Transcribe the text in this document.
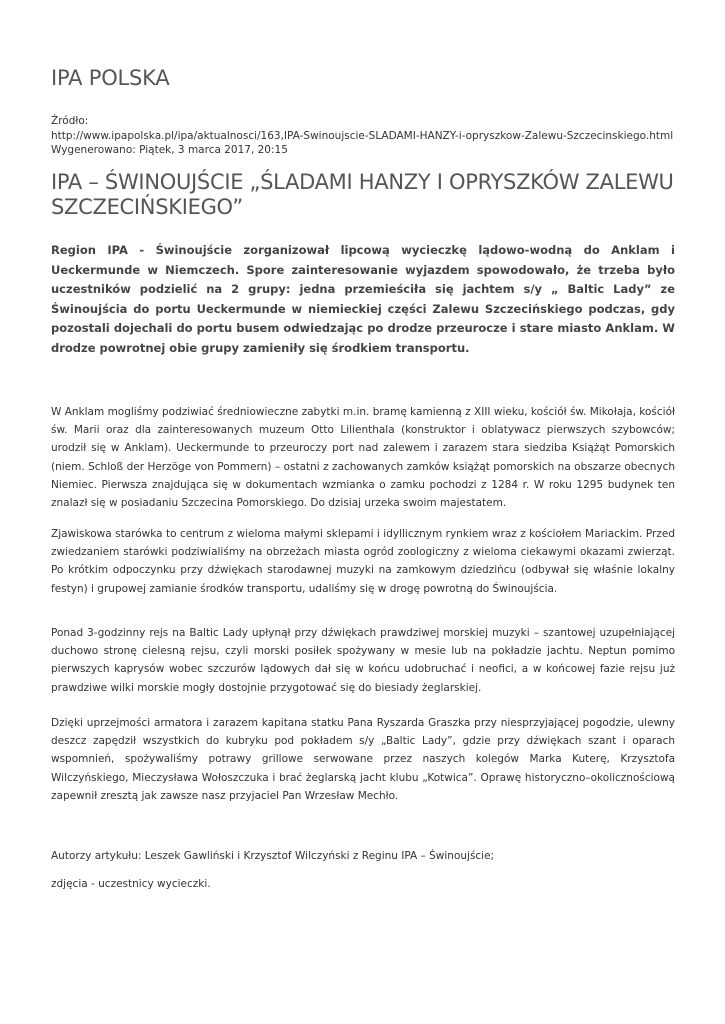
IPA POLSKA
Źródło:
http://www.ipapolska.pl/ipa/aktualnosci/163,IPA-Swinoujscie-SLADAMI-HANZY-i-opryszkow-Zalewu-Szczecinskiego.html
Wygenerowano: Piątek, 3 marca 2017, 20:15
IPA – ŚWINOUJŚCIE „ŚLADAMI HANZY I OPRYSZKÓW ZALEWU SZCZECIŃSKIEGO”
Region IPA - Świnoujście zorganizował lipcową wycieczkę lądowo-wodną do Anklam i Ueckermunde w Niemczech. Spore zainteresowanie wyjazdem spowodowało, że trzeba było uczestników podzielić na 2 grupy: jedna przemieściła się jachtem s/y „ Baltic Lady” ze Świnoujścia do portu Ueckermunde w niemieckiej części Zalewu Szczecińskiego podczas, gdy pozostali dojechali do portu busem odwiedzając po drodze przeurocze i stare miasto Anklam. W drodze powrotnej obie grupy zamieniły się środkiem transportu.
W Anklam mogliśmy podziwiać średniowieczne zabytki m.in. bramę kamienną z XIII wieku, kościół św. Mikołaja, kościół św. Marii oraz dla zainteresowanych muzeum Otto Lilienthala (konstruktor i oblatywacz pierwszych szybowców; urodził się w Anklam). Ueckermunde to przeuroczy port nad zalewem i zarazem stara siedziba Książąt Pomorskich (niem. Schloß der Herzöge von Pommern) – ostatni z zachowanych zamków książąt pomorskich na obszarze obecnych Niemiec. Pierwsza znajdująca się w dokumentach wzmianka o zamku pochodzi z 1284 r. W roku 1295 budynek ten znalazł się w posiadaniu Szczecina Pomorskiego. Do dzisiaj urzeka swoim majestatem.
Zjawiskowa starówka to centrum z wieloma małymi sklepami i idyllicznym rynkiem wraz z kościołem Mariackim. Przed zwiedzaniem starówki podziwialiśmy na obrzeżach miasta ogród zoologiczny z wieloma ciekawymi okazami zwierząt. Po krótkim odpoczynku przy dźwiękach starodawnej muzyki na zamkowym dziedzińcu (odbywał się właśnie lokalny festyn) i grupowej zamianie środków transportu, udaliśmy się w drogę powrotną do Świnoujścia.
Ponad 3-godzinny rejs na Baltic Lady upłynął przy dźwiękach prawdziwej morskiej muzyki – szantowej uzupełniającej duchowo stronę cielesną rejsu, czyli morski posiłek spożywany w mesie lub na pokładzie jachtu. Neptun pomimo pierwszych kaprysów wobec szczurów lądowych dał się w końcu udobruchać i neofici, a w końcowej fazie rejsu już prawdziwe wilki morskie mogły dostojnie przygotować się do biesiady żeglarskiej.
Dzięki uprzejmości armatora i zarazem kapitana statku Pana Ryszarda Graszka przy niesprzyjającej pogodzie, ulewny deszcz zapędził wszystkich do kubryku pod pokładem s/y „Baltic Lady”, gdzie przy dźwiękach szant i oparach wspomnień, spożywaliśmy potrawy grillowe serwowane przez naszych kolegów Marka Kuterę, Krzysztofa Wilczyńskiego, Mieczysława Wołoszczuka i brać żeglarską jacht klubu „Kotwica”. Oprawę historyczno–okolicznościową zapewnił zresztą jak zawsze nasz przyjaciel Pan Wrzesław Mechło.
Autorzy artykułu: Leszek Gawliński i Krzysztof Wilczyński z Reginu IPA – Świnoujście;
zdjęcia - uczestnicy wycieczki.
